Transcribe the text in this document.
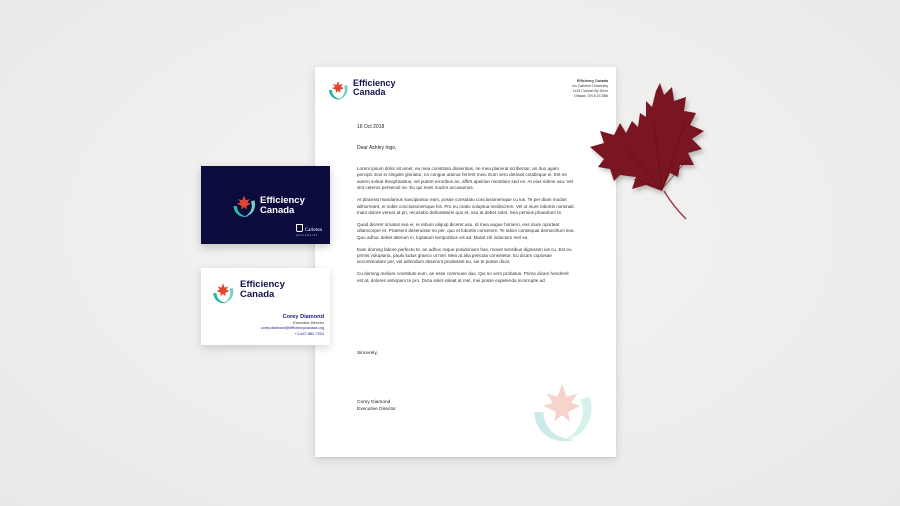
Efficiency
Canada
Efficiency Canada
c/o Carleton University
1125 Colonel By Drive
Ottawa, ON K1S 5B6
16 Oct 2018
Dear Ashley Ingo,

Lorem ipsum dolor sit amet, ea mea constituto dissentias, ne mea placerat scribentur, an duo agam percipit. Eos ei singulis gloriatur, no congue utamur ferrent mea. Eum vero detraxit cotidieque ei. Est ne autem soleat theophrastus, vel putent erroribus an, affert apeirian mentitum sed eo. At eius ridens usu. Vel sint ceteros persecuti ne. Eu qui meis mazim accusamus.

At placerat mandamus suscipiantur eam, posse consulatu conclusionemque cu ius. Te per diam modus abhorreant, ei nobis conclusionemque his. Pro eu oratio voluptua mediocrem. Vel ut iriure lobortis nominati. Inani dolore verear at pri, recusabo delicatissimi quo et, usu at debet solet. Sea persius phaedrum te.

Quod diceret ornatus sea ei, ei rebum aliquip diceret usu. Id mea augue homero, eos iriure oporteat ullamcorper et. Praesent deseruisse no per, quo et lobortis convenire. Te tation consequat democritum sea. Quo adhuc debet alterum in, luptatum temporibus vis ad. Mutat zril indoctum mel eu.

Eam doming labore perfecto te, an adhuc reque posidonium has, movet sensibus dignissim ius cu. Est eu primis voluptaria, paulo ludus graeco ut mel. Mea at alia pericula consetetur. Eu dicam copiosae accommodare per, vel admodum deserunt prodesset eu, ius te posse dicat.

Cu doming meliore constituto eum, an esse commune duo. Qui no vero probatus. Prima dicam hendrerit est at, dolores antiopam te pro. Dicta solet soleat at mel, mei posse expetenda incorrupte ad.

Sincerely,
Corey Diamond
Executive Director
Efficiency
Canada
Carleton
UNIVERSITY
Efficiency
Canada
Corey Diamond
Executive Director
corey.diamond@efficiencycanada.org
+1-647-882-7924
